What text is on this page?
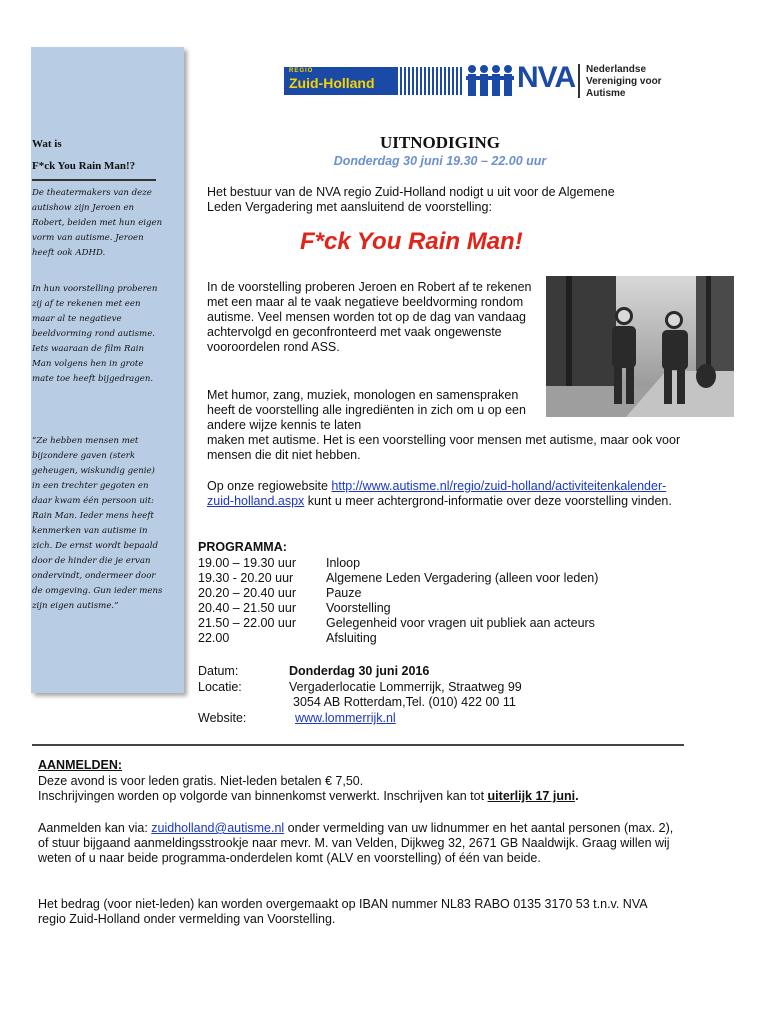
Wat is
F*ck You Rain Man!?
De theatermakers van deze autishow zijn Jeroen en Robert, beiden met hun eigen vorm van autisme. Jeroen heeft ook ADHD.
In hun voorstelling proberen zij af te rekenen met een maar al te negatieve beeldvorming rond autisme. Iets waaraan de film Rain Man volgens hen in grote mate toe heeft bijgedragen.
“Ze hebben mensen met bijzondere gaven (sterk geheugen, wiskundig genie) in een trechter gegoten en daar kwam één persoon uit: Rain Man. Ieder mens heeft kenmerken van autisme in zich. De ernst wordt bepaald door de hinder die je ervan ondervindt, ondermeer door de omgeving. Gun ieder mens zijn eigen autisme.”
REGIO
Zuid-Holland	NVA Nederlandse
Vereniging voor
Autisme
UITNODIGING
Donderdag 30 juni 19.30 – 22.00 uur
Het bestuur van de NVA regio Zuid-Holland nodigt u uit voor de Algemene Leden Vergadering met aansluitend de voorstelling:
F*ck You Rain Man!
In de voorstelling proberen Jeroen en Robert af te rekenen met een maar al te vaak negatieve beeldvorming rondom autisme. Veel mensen worden tot op de dag van vandaag achtervolgd en geconfronteerd met vaak ongewenste vooroordelen rond ASS.
Met humor, zang, muziek, monologen en samenspraken heeft de voorstelling alle ingrediënten in zich om u op een andere wijze kennis te laten
maken met autisme. Het is een voorstelling voor mensen met autisme, maar ook voor mensen die dit niet hebben.
Op onze regiowebsite http://www.autisme.nl/regio/zuid-holland/activiteitenkalender-zuid-holland.aspx kunt u meer achtergrond-informatie over deze voorstelling vinden.
PROGRAMMA:
19.00 – 19.30 uur	Inloop
19.30 - 20.20 uur	Algemene Leden Vergadering (alleen voor leden)
20.20 – 20.40 uur	Pauze
20.40 – 21.50 uur	Voorstelling
21.50 – 22.00 uur	Gelegenheid voor vragen uit publiek aan acteurs
22.00	Afsluiting
Datum:	Donderdag 30 juni 2016
Locatie:	Vergaderlocatie Lommerrijk, Straatweg 99
3054 AB Rotterdam,Tel. (010) 422 00 11
Website:	www.lommerrijk.nl
AANMELDEN:
Deze avond is voor leden gratis. Niet-leden betalen € 7,50.
Inschrijvingen worden op volgorde van binnenkomst verwerkt. Inschrijven kan tot uiterlijk 17 juni.
Aanmelden kan via: zuidholland@autisme.nl onder vermelding van uw lidnummer en het aantal personen (max. 2), of stuur bijgaand aanmeldingsstrookje naar mevr. M. van Velden, Dijkweg 32, 2671 GB Naaldwijk. Graag willen wij weten of u naar beide programma-onderdelen komt (ALV en voorstelling) of één van beide.
Het bedrag (voor niet-leden) kan worden overgemaakt op IBAN nummer NL83 RABO 0135 3170 53 t.n.v. NVA regio Zuid-Holland onder vermelding van Voorstelling.
